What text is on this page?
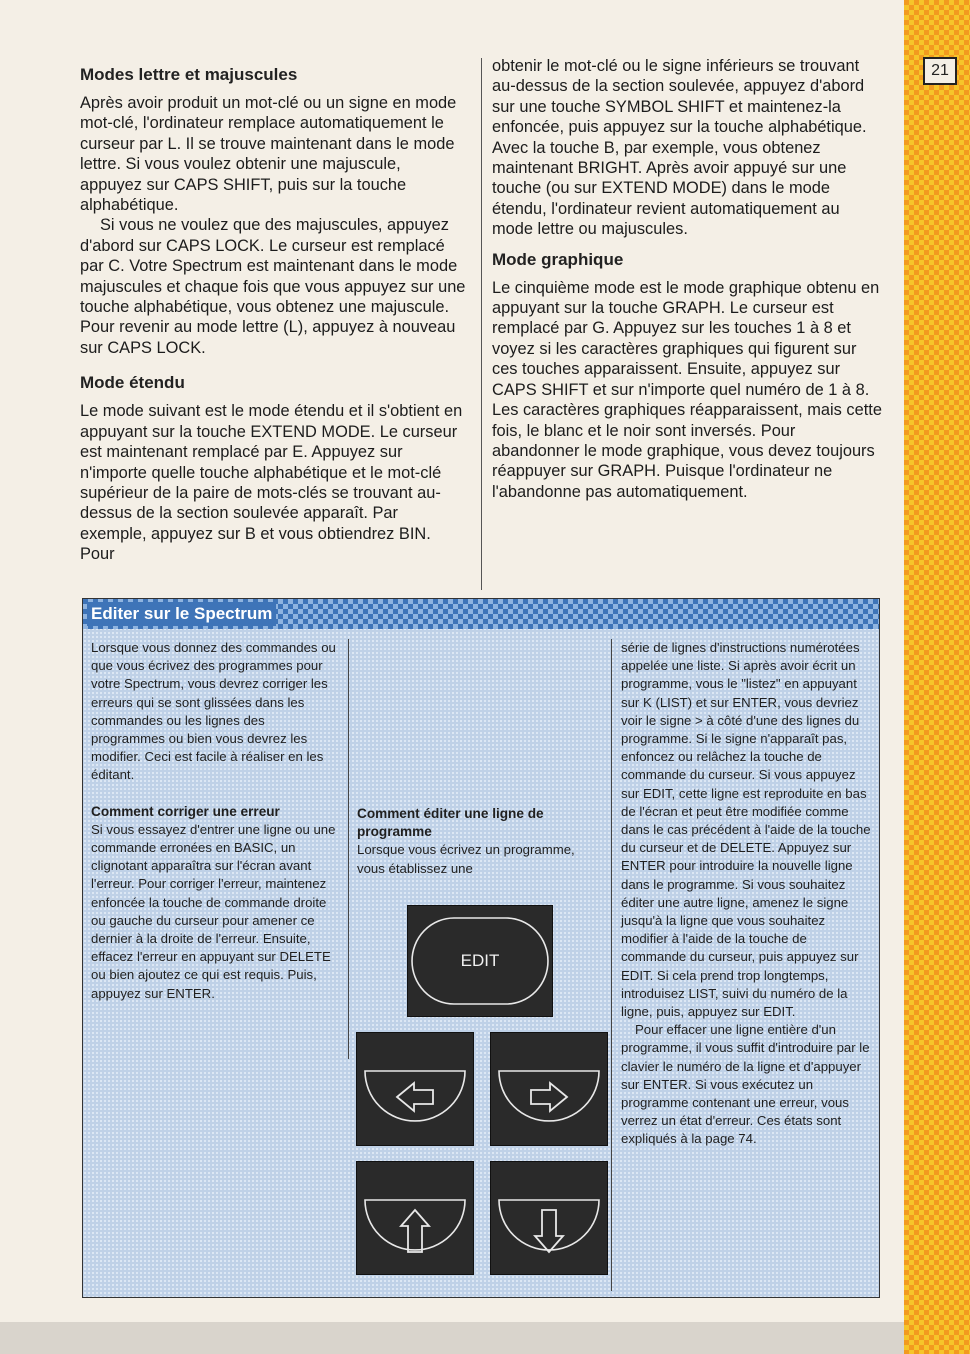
21
Modes lettre et majuscules

Après avoir produit un mot-clé ou un signe en mode mot-clé, l'ordinateur remplace automatiquement le curseur par L. Il se trouve maintenant dans le mode lettre. Si vous voulez obtenir une majuscule, appuyez sur CAPS SHIFT, puis sur la touche alphabétique.

Si vous ne voulez que des majuscules, appuyez d'abord sur CAPS LOCK. Le curseur est remplacé par C. Votre Spectrum est maintenant dans le mode majuscules et chaque fois que vous appuyez sur une touche alphabétique, vous obtenez une majuscule. Pour revenir au mode lettre (L), appuyez à nouveau sur CAPS LOCK.

Mode étendu

Le mode suivant est le mode étendu et il s'obtient en appuyant sur la touche EXTEND MODE. Le curseur est maintenant remplacé par E. Appuyez sur n'importe quelle touche alphabétique et le mot-clé supérieur de la paire de mots-clés se trouvant au-dessus de la section soulevée apparaît. Par exemple, appuyez sur B et vous obtiendrez BIN. Pour

obtenir le mot-clé ou le signe inférieurs se trouvant au-dessus de la section soulevée, appuyez d'abord sur une touche SYMBOL SHIFT et maintenez-la enfoncée, puis appuyez sur la touche alphabétique. Avec la touche B, par exemple, vous obtenez maintenant BRIGHT. Après avoir appuyé sur une touche (ou sur EXTEND MODE) dans le mode étendu, l'ordinateur revient automatiquement au mode lettre ou majuscules.

Mode graphique

Le cinquième mode est le mode graphique obtenu en appuyant sur la touche GRAPH. Le curseur est remplacé par G. Appuyez sur les touches 1 à 8 et voyez si les caractères graphiques qui figurent sur ces touches apparaissent. Ensuite, appuyez sur CAPS SHIFT et sur n'importe quel numéro de 1 à 8. Les caractères graphiques réapparaissent, mais cette fois, le blanc et le noir sont inversés. Pour abandonner le mode graphique, vous devez toujours réappuyer sur GRAPH. Puisque l'ordinateur ne l'abandonne pas automatiquement.

Editer sur le Spectrum

Lorsque vous donnez des commandes ou que vous écrivez des programmes pour votre Spectrum, vous devrez corriger les erreurs qui se sont glissées dans les commandes ou les lignes des programmes ou bien vous devrez les modifier. Ceci est facile à réaliser en les éditant.

Comment corriger une erreur

Si vous essayez d'entrer une ligne ou une commande erronées en BASIC, un clignotant apparaîtra sur l'écran avant l'erreur. Pour corriger l'erreur, maintenez enfoncée la touche de commande droite ou gauche du curseur pour amener ce dernier à la droite de l'erreur. Ensuite, effacez l'erreur en appuyant sur DELETE ou bien ajoutez ce qui est requis. Puis, appuyez sur ENTER.

Comment éditer une ligne de programme

Lorsque vous écrivez un programme, vous établissez une

série de lignes d'instructions numérotées appelée une liste. Si après avoir écrit un programme, vous le "listez" en appuyant sur K (LIST) et sur ENTER, vous devriez voir le signe > à côté d'une des lignes du programme. Si le signe n'apparaît pas, enfoncez ou relâchez la touche de commande du curseur. Si vous appuyez sur EDIT, cette ligne est reproduite en bas de l'écran et peut être modifiée comme dans le cas précédent à l'aide de la touche du curseur et de DELETE. Appuyez sur ENTER pour introduire la nouvelle ligne dans le programme. Si vous souhaitez éditer une autre ligne, amenez le signe jusqu'à la ligne que vous souhaitez modifier à l'aide de la touche de commande du curseur, puis appuyez sur EDIT. Si cela prend trop longtemps, introduisez LIST, suivi du numéro de la ligne, puis, appuyez sur EDIT.

Pour effacer une ligne entière d'un programme, il vous suffit d'introduire par le clavier le numéro de la ligne et d'appuyer sur ENTER. Si vous exécutez un programme contenant une erreur, vous verrez un état d'erreur. Ces états sont expliqués à la page 74.

EDIT
